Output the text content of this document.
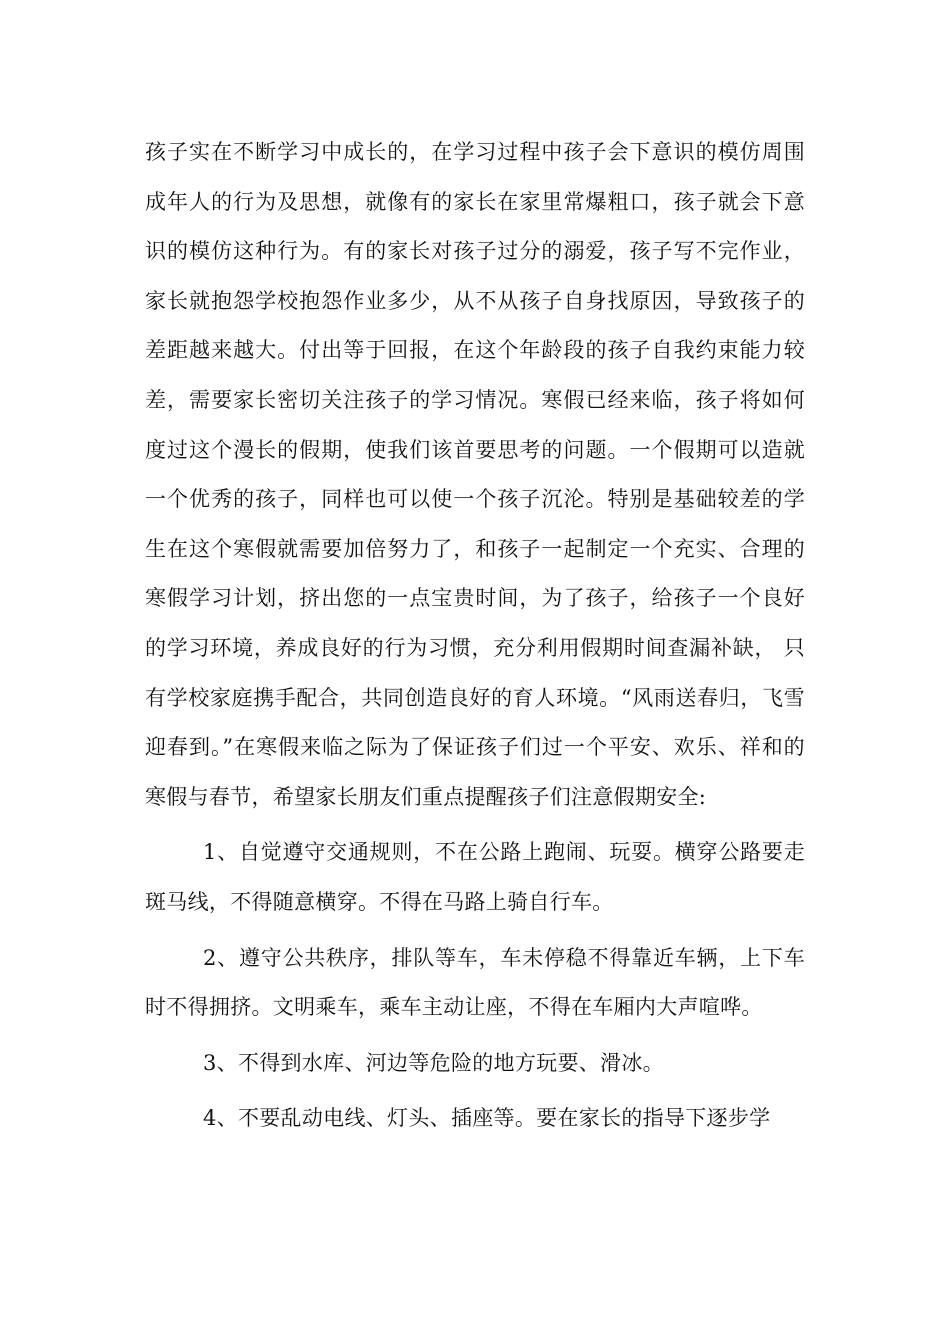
孩子实在不断学习中成长的，在学习过程中孩子会下意识的模仿周围成年人的行为及思想，就像有的家长在家里常爆粗口，孩子就会下意识的模仿这种行为。有的家长对孩子过分的溺爱，孩子写不完作业，家长就抱怨学校抱怨作业多少，从不从孩子自身找原因，导致孩子的差距越来越大。付出等于回报，在这个年龄段的孩子自我约束能力较差，需要家长密切关注孩子的学习情况。寒假已经来临，孩子将如何度过这个漫长的假期，使我们该首要思考的问题。一个假期可以造就一个优秀的孩子，同样也可以使一个孩子沉沦。特别是基础较差的学生在这个寒假就需要加倍努力了，和孩子一起制定一个充实、合理的寒假学习计划，挤出您的一点宝贵时间，为了孩子，给孩子一个良好的学习环境，养成良好的行为习惯，充分利用假期时间查漏补缺， 只有学校家庭携手配合，共同创造良好的育人环境。“风雨送春归，飞雪迎春到。”在寒假来临之际为了保证孩子们过一个平安、欢乐、祥和的寒假与春节，希望家长朋友们重点提醒孩子们注意假期安全:

1、自觉遵守交通规则，不在公路上跑闹、玩耍。横穿公路要走斑马线，不得随意横穿。不得在马路上骑自行车。

2、遵守公共秩序，排队等车，车未停稳不得靠近车辆，上下车时不得拥挤。文明乘车，乘车主动让座，不得在车厢内大声喧哗。

3、不得到水库、河边等危险的地方玩要、滑冰。

4、不要乱动电线、灯头、插座等。要在家长的指导下逐步学
